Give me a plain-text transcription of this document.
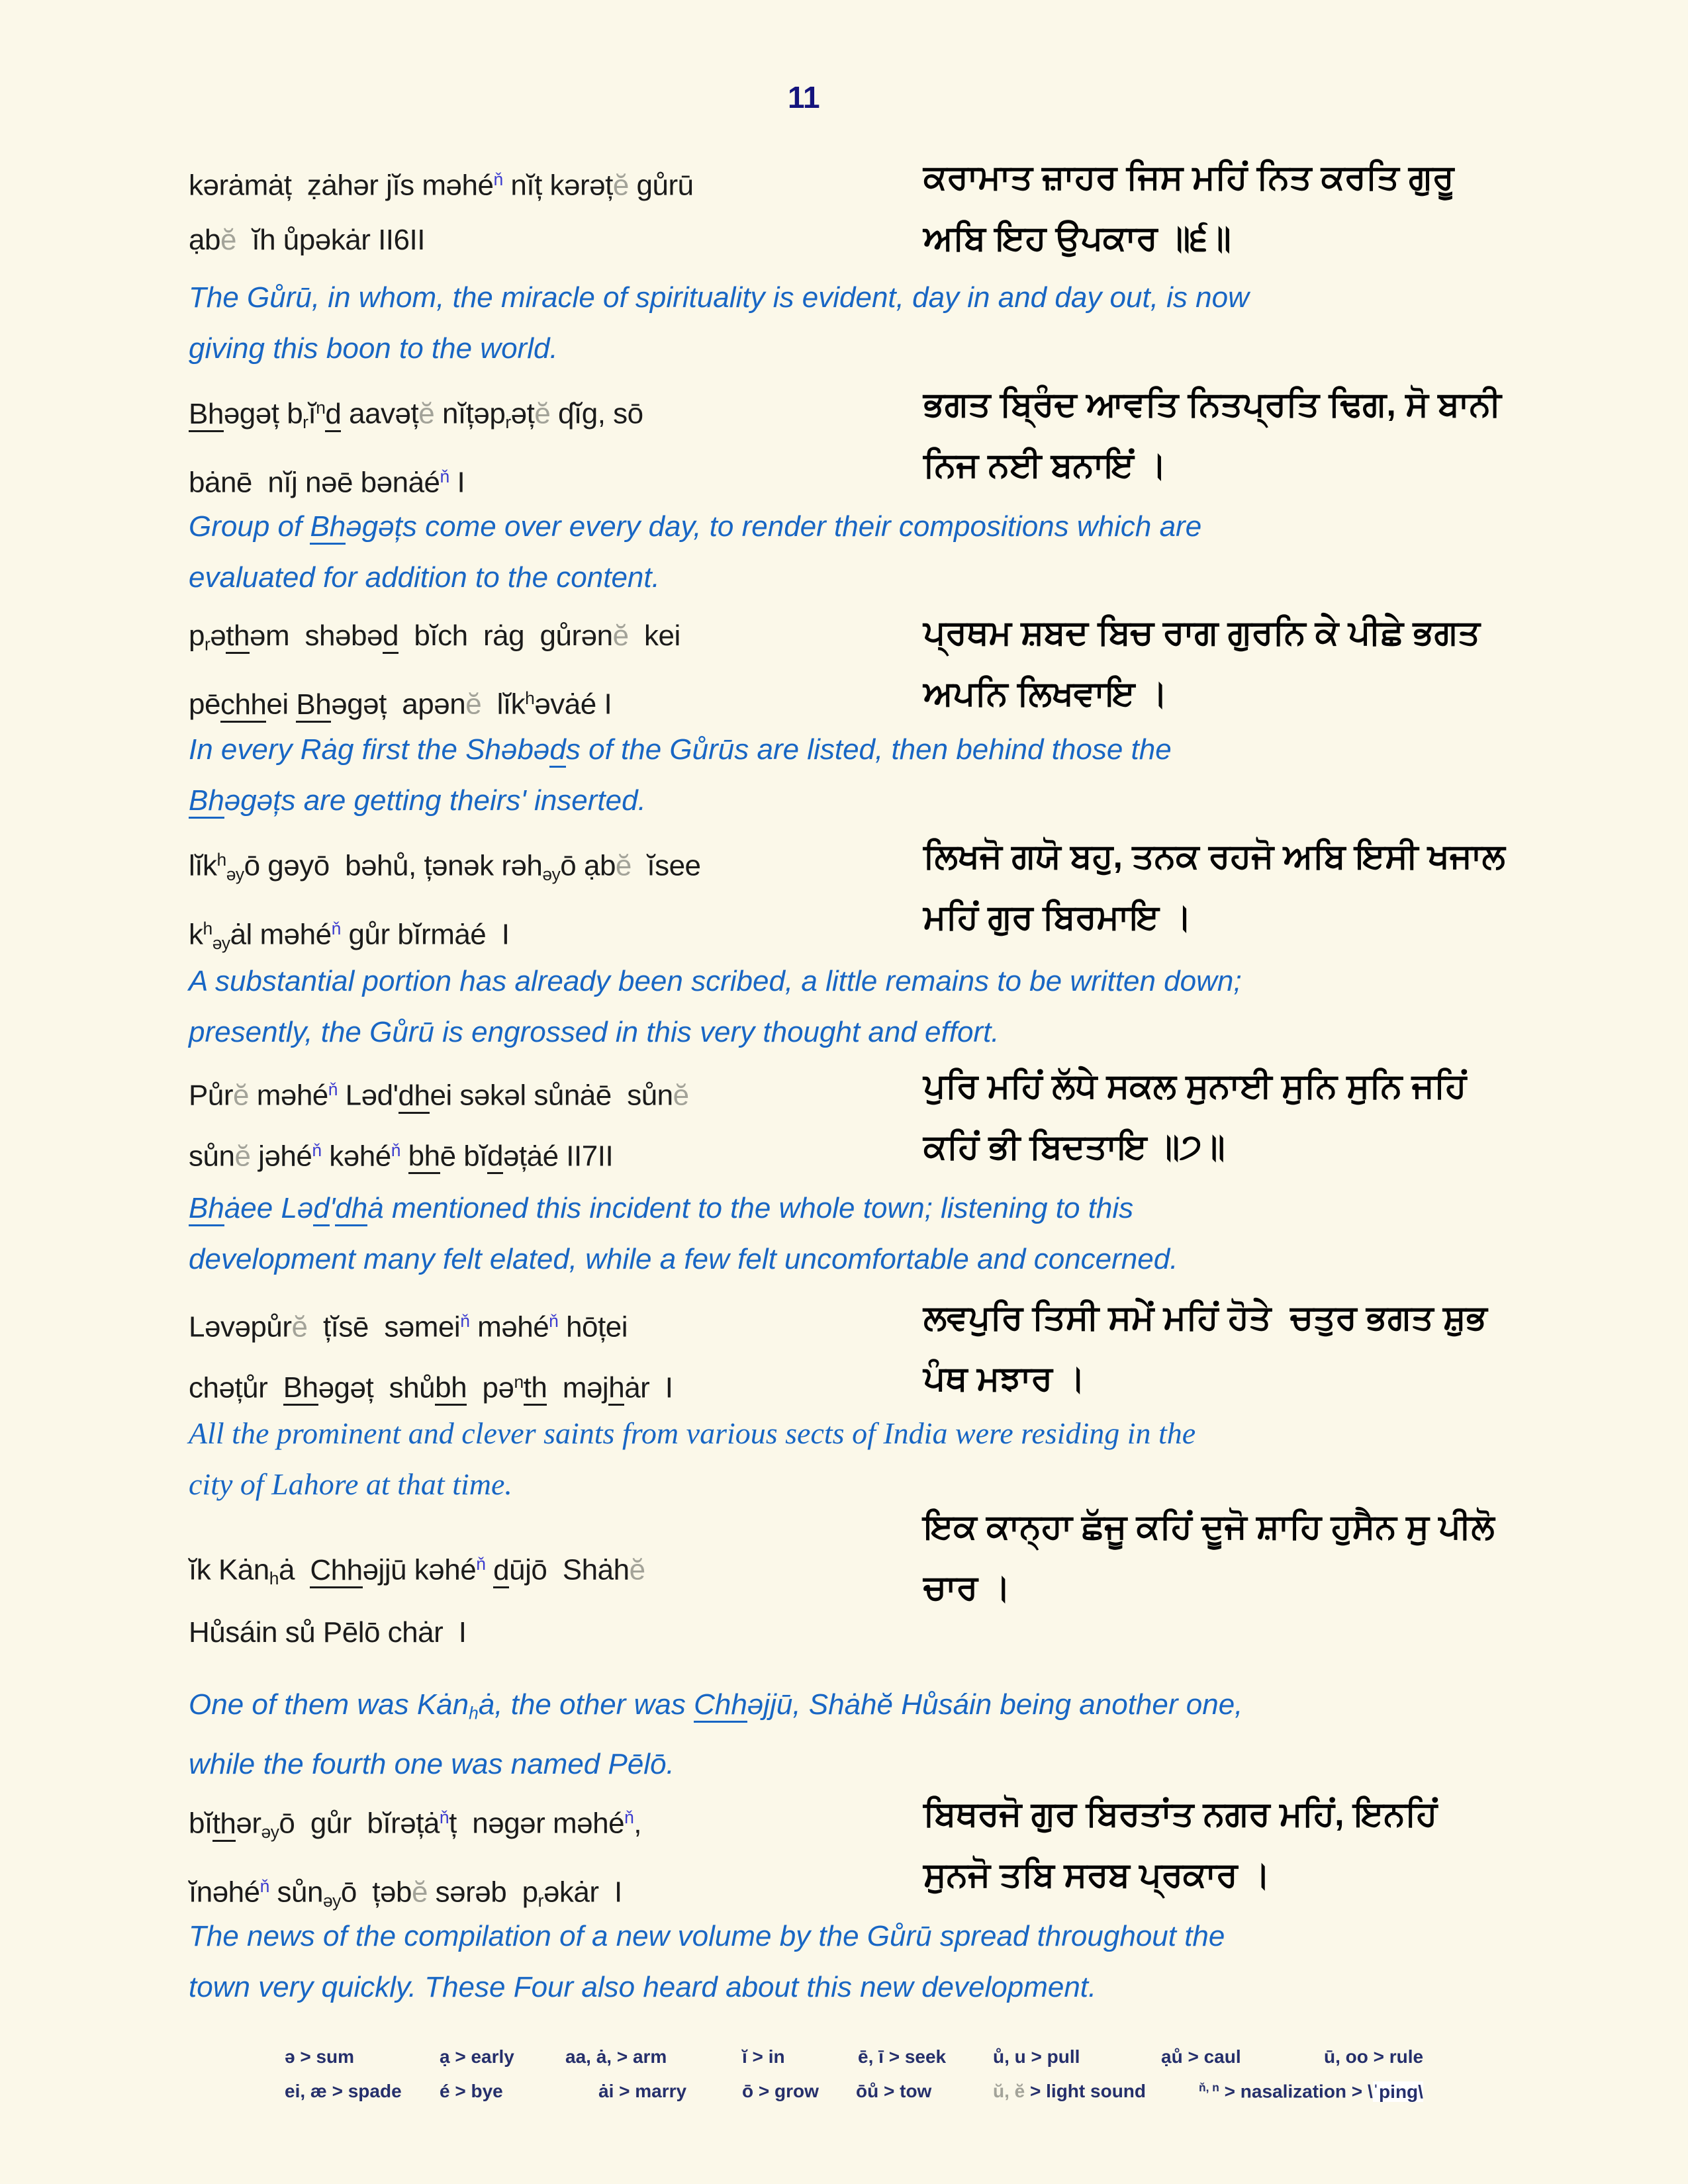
11
kərȧmȧț  ẓȧhər jĭs məhé$^ň$ nĭț kərəțĕ gůrū
ạbĕ  ĭh ůpəkȧr II6II
ਕਰਾਮਾਤ ਜ਼ਾਹਰ ਜਿਸ ਮਹਿਂ ਨਿਤ ਕਰਤਿ ਗੁਰੂ
ਅਬਿ ਇਹ ਉਪਕਾਰ ॥੬॥
The Gůrū, in whom, the miracle of spirituality is evident, day in and day out, is now
giving this boon to the world.
Bhəgəț brĭ$^n$d aavəțĕ nĭțəprəțĕ ʠĭg, sō
bȧnē  nĭj nəē bənȧé$^ň$ I
ਭਗਤ ਬ੍ਰਿੰਦ ਆਵਤਿ ਨਿਤਪ੍ਰਤਿ ਢਿਗ, ਸੋ ਬਾਨੀ
ਨਿਜ ਨਈ ਬਨਾਇਂ ।
Group of Bhəgəțs come over every day, to render their compositions which are
evaluated for addition to the content.
prəthəm  shəbəd  bĭch  rȧg  gůrənĕ  kei
pēchhei Bhəgəț  apənĕ  lĭk$^h$əvȧé I
ਪ੍ਰਥਮ ਸ਼ਬਦ ਬਿਚ ਰਾਗ ਗੁਰਨਿ ਕੇ ਪੀਛੇ ਭਗਤ
ਅਪਨਿ ਲਿਖਵਾਇ ।
In every Rȧg first the Shəbəds of the Gůrūs are listed, then behind those the
Bhəgəțs are getting theirs' inserted.
lĭk$^h$əyō gəyō  bəhů, țənək rəhəyō ạbĕ  ĭsee
$k^həyȧl$ məhé$^ň$ gůr bĭrmȧé  I
ਲਿਖਜੋ ਗਯੋ ਬਹੁ, ਤਨਕ ਰਹਜੋ ਅਬਿ ਇਸੀ ਖਜਾਲ
ਮਹਿਂ ਗੁਰ ਬਿਰਮਾਇ ।
A substantial portion has already been scribed, a little remains to be written down;
presently, the Gůrū is engrossed in this very thought and effort.
Půrĕ məhé$^ň$ Ləd'dhei səkəl sůnȧē  sůnĕ
sůnĕ jəhé$^ň$ kəhé$^ň$ bhē bĭdəțȧé II7II
ਪੁਰਿ ਮਹਿਂ ਲੱਧੇ ਸਕਲ ਸੁਨਾਈ ਸੁਨਿ ਸੁਨਿ ਜਹਿਂ
ਕਹਿਂ ਭੀ ਬਿਦਤਾਇ ॥੭॥
Bhȧee Ləd'dhȧ mentioned this incident to the whole town; listening to this
development many felt elated, while a few felt uncomfortable and concerned.
Ləvəpůrĕ  țĭsē  səmei$^ň$ məhé$^ň$ hōței
chəțůr  Bhəgəț  shůbh  pə$^n$th  məjhȧr  I
ਲਵਪੁਰਿ ਤਿਸੀ ਸਮੇਂ ਮਹਿਂ ਹੋਤੇ  ਚਤੁਰ ਭਗਤ ਸ਼ੁਭ
ਪੰਥ ਮਝਾਰ ।
All the prominent and clever saints from various sects of India were residing in the
city of Lahore at that time.
ĭk Kȧnhȧ  Chhəjjū kəhé$^ň$ dūjō  Shȧhĕ
Hůsáin sů Pēlō chȧr  I
ਇਕ ਕਾਨ੍ਹਾ ਛੱਜੂ ਕਹਿਂ ਦੂਜੋ ਸ਼ਾਹਿ ਹੁਸੈਨ ਸੁ ਪੀਲੋ
ਚਾਰ ।
One of them was Kȧnhȧ, the other was Chhəjjū, Shȧhĕ Hůsáin being another one,
while the fourth one was named Pēlō.
bĭthərəyō  gůr  bĭrəțȧ$^ň$ț  nəgər məhé$^ň$,
ĭnəhé$^ň$ sůnəyō  țəbĕ sərəb  prəkȧr  I
ਬਿਥਰਜੋ ਗੁਰ ਬਿਰਤਾਂਤ ਨਗਰ ਮਹਿਂ, ਇਨਹਿਂ
ਸੁਨਜੋ ਤਬਿ ਸਰਬ ਪ੍ਰਕਾਰ ।
The news of the compilation of a new volume by the Gůrū spread throughout the
town very quickly. These Four also heard about this new development.
ə > sum	ạ > early	aa, ȧ, > arm	ĭ > in	ē, ī > seek	ů, u > pull	ạů > caul	ū, oo > rule
ei, æ > spade é > bye	ȧi > marry	ō > grow ōů > tow	ŭ, ĕ > light sound	$^{ň, n}$ > nasalization > \ˈping\
